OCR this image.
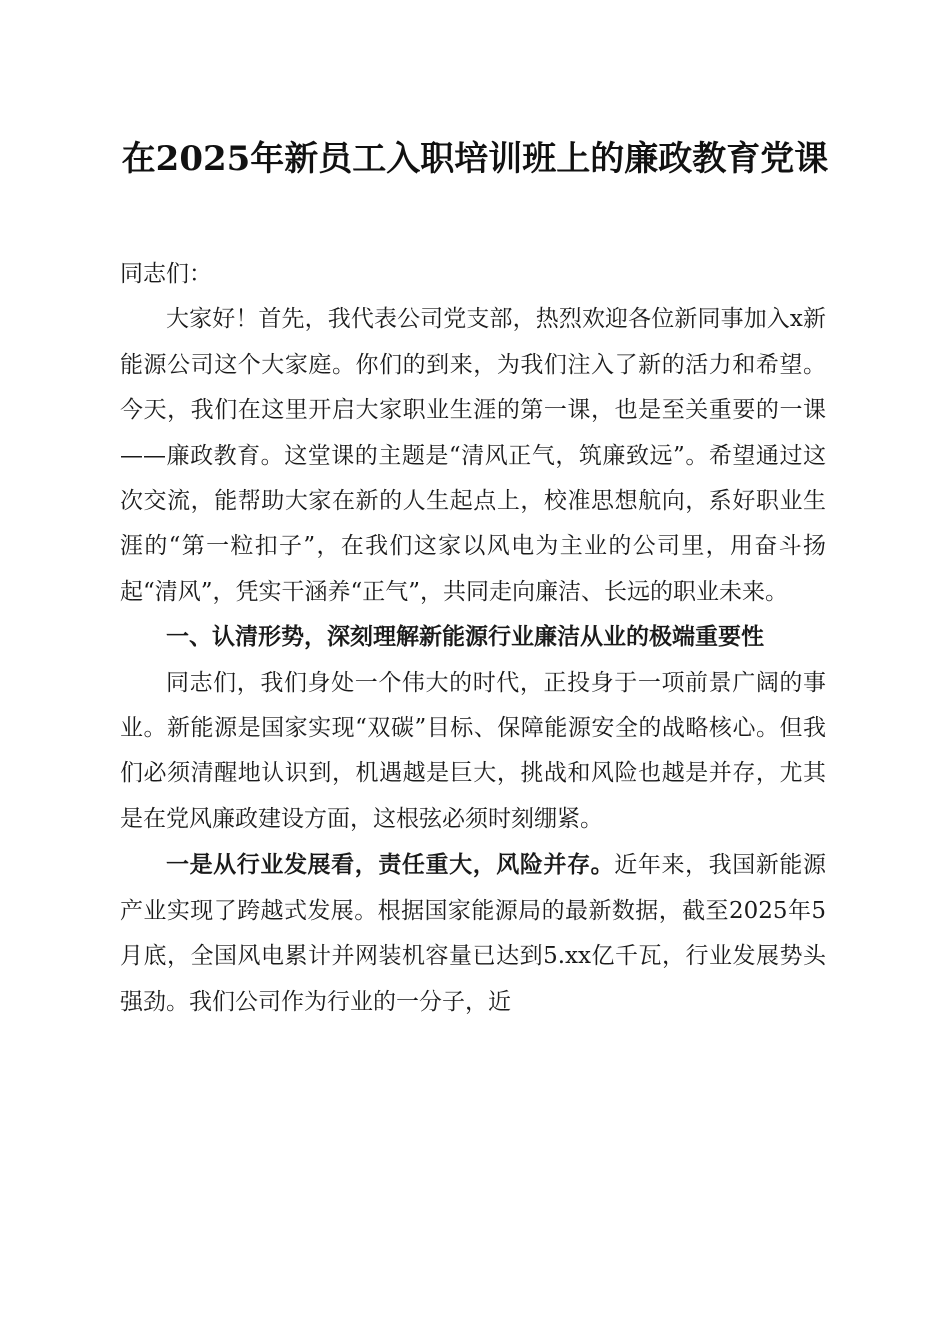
在2025年新员工入职培训班上的廉政教育党课

同志们：

大家好！首先，我代表公司党支部，热烈欢迎各位新同事加入x新能源公司这个大家庭。你们的到来，为我们注入了新的活力和希望。今天，我们在这里开启大家职业生涯的第一课，也是至关重要的一课——廉政教育。这堂课的主题是“清风正气，筑廉致远”。希望通过这次交流，能帮助大家在新的人生起点上，校准思想航向，系好职业生涯的“第一粒扣子”，在我们这家以风电为主业的公司里，用奋斗扬起“清风”，凭实干涵养“正气”，共同走向廉洁、长远的职业未来。

一、认清形势，深刻理解新能源行业廉洁从业的极端重要性

同志们，我们身处一个伟大的时代，正投身于一项前景广阔的事业。新能源是国家实现“双碳”目标、保障能源安全的战略核心。但我们必须清醒地认识到，机遇越是巨大，挑战和风险也越是并存，尤其是在党风廉政建设方面，这根弦必须时刻绷紧。

一是从行业发展看，责任重大，风险并存。近年来，我国新能源产业实现了跨越式发展。根据国家能源局的最新数据，截至2025年5月底，全国风电累计并网装机容量已达到5.xx亿千瓦，行业发展势头强劲。我们公司作为行业的一分子，近
